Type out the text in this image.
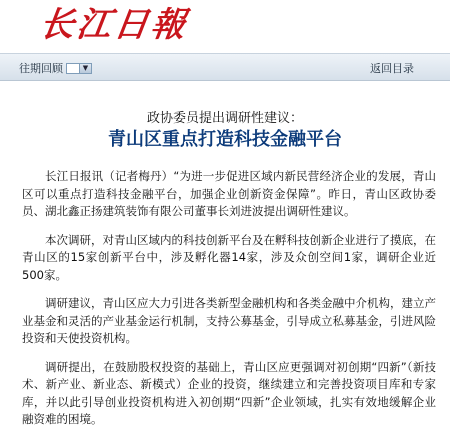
长江日報
往期回顾	▼	返回目录
政协委员提出调研性建议：
青山区重点打造科技金融平台

长江日报讯（记者梅丹）“为进一步促进区域内新民营经济企业的发展，青山区可以重点打造科技金融平台，加强企业创新资金保障”。昨日，青山区政协委员、湖北鑫正扬建筑装饰有限公司董事长刘进波提出调研性建议。

本次调研，对青山区域内的科技创新平台及在孵科技创新企业进行了摸底，在青山区的15家创新平台中，涉及孵化器14家，涉及众创空间1家，调研企业近500家。

调研建议，青山区应大力引进各类新型金融机构和各类金融中介机构，建立产业基金和灵活的产业基金运行机制，支持公募基金，引导成立私募基金，引进风险投资和天使投资机构。

调研提出，在鼓励股权投资的基础上，青山区应更强调对初创期“四新”（新技术、新产业、新业态、新模式）企业的投资，继续建立和完善投资项目库和专家库，并以此引导创业投资机构进入初创期“四新”企业领域，扎实有效地缓解企业融资难的困境。
